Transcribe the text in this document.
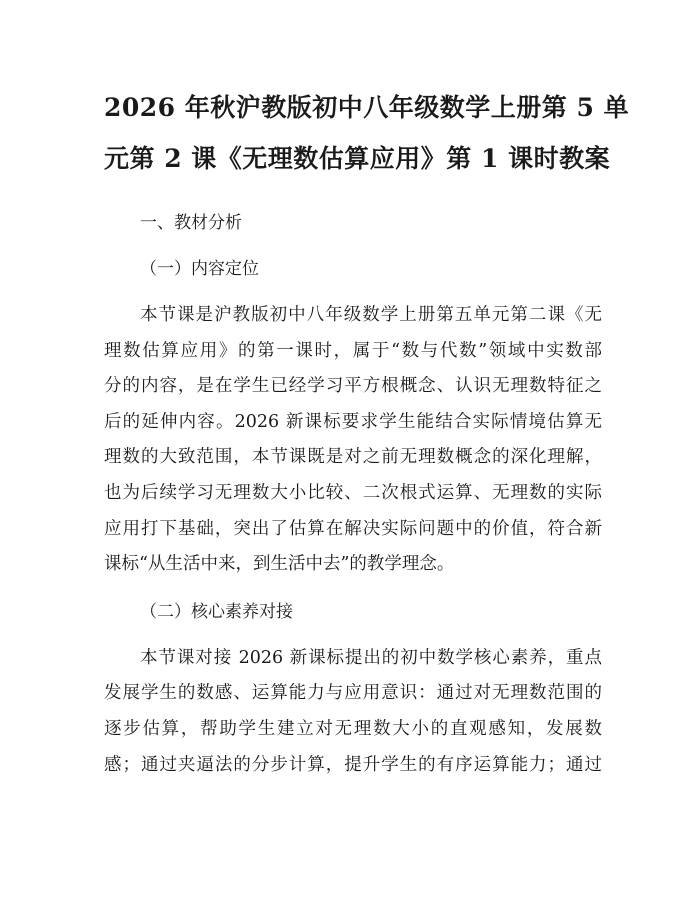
2026 年秋沪教版初中八年级数学上册第 5 单
元第 2 课《无理数估算应用》第 1 课时教案

一、教材分析

（一）内容定位

本节课是沪教版初中八年级数学上册第五单元第二课《无
理数估算应用》的第一课时，属于“数与代数”领域中实数部
分的内容，是在学生已经学习平方根概念、认识无理数特征之
后的延伸内容。2026 新课标要求学生能结合实际情境估算无
理数的大致范围，本节课既是对之前无理数概念的深化理解，
也为后续学习无理数大小比较、二次根式运算、无理数的实际
应用打下基础，突出了估算在解决实际问题中的价值，符合新
课标“从生活中来，到生活中去”的教学理念。

（二）核心素养对接

本节课对接 2026 新课标提出的初中数学核心素养，重点
发展学生的数感、运算能力与应用意识：通过对无理数范围的
逐步估算，帮助学生建立对无理数大小的直观感知，发展数
感；通过夹逼法的分步计算，提升学生的有序运算能力；通过
